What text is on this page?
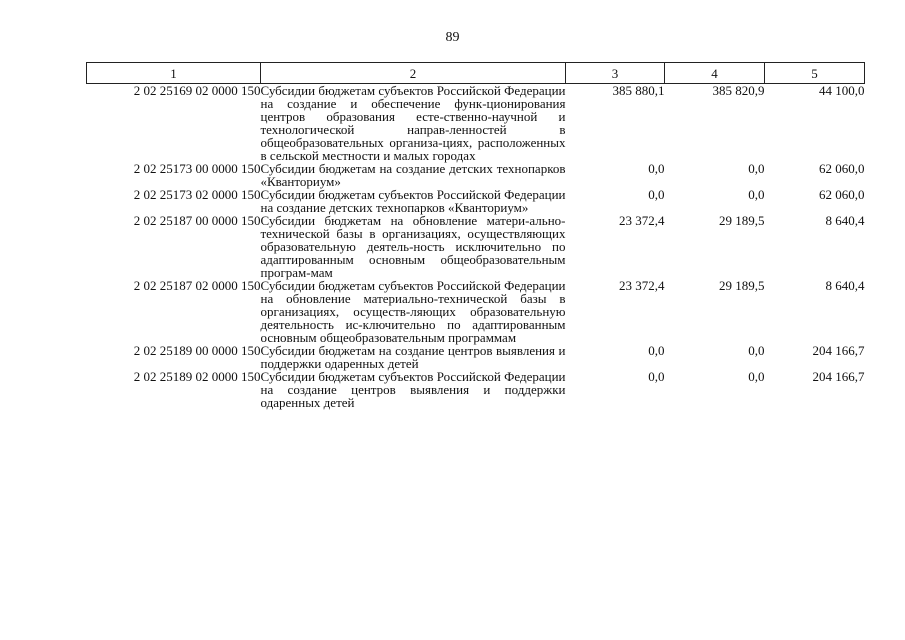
89
1	2	3	4	5
2 02 25169 02 0000 150	Субсидии бюджетам субъектов Российской Федерации на создание и обеспечение функ-ционирования центров образования есте-ственно-научной и технологической направ-ленностей в общеобразовательных организа-циях, расположенных в сельской местности и малых городах	385 880,1	385 820,9	44 100,0
2 02 25173 00 0000 150	Субсидии бюджетам на создание детских технопарков «Кванториум»	0,0	0,0	62 060,0
2 02 25173 02 0000 150	Субсидии бюджетам субъектов Российской Федерации на создание детских технопарков «Кванториум»	0,0	0,0	62 060,0
2 02 25187 00 0000 150	Субсидии бюджетам на обновление матери-ально-технической базы в организациях, осуществляющих образовательную деятель-ность исключительно по адаптированным основным общеобразовательным програм-мам	23 372,4	29 189,5	8 640,4
2 02 25187 02 0000 150	Субсидии бюджетам субъектов Российской Федерации на обновление материально-технической базы в организациях, осуществ-ляющих образовательную деятельность ис-ключительно по адаптированным основным общеобразовательным программам	23 372,4	29 189,5	8 640,4
2 02 25189 00 0000 150	Субсидии бюджетам на создание центров выявления и поддержки одаренных детей	0,0	0,0	204 166,7
2 02 25189 02 0000 150	Субсидии бюджетам субъектов Российской Федерации на создание центров выявления и поддержки одаренных детей	0,0	0,0	204 166,7
